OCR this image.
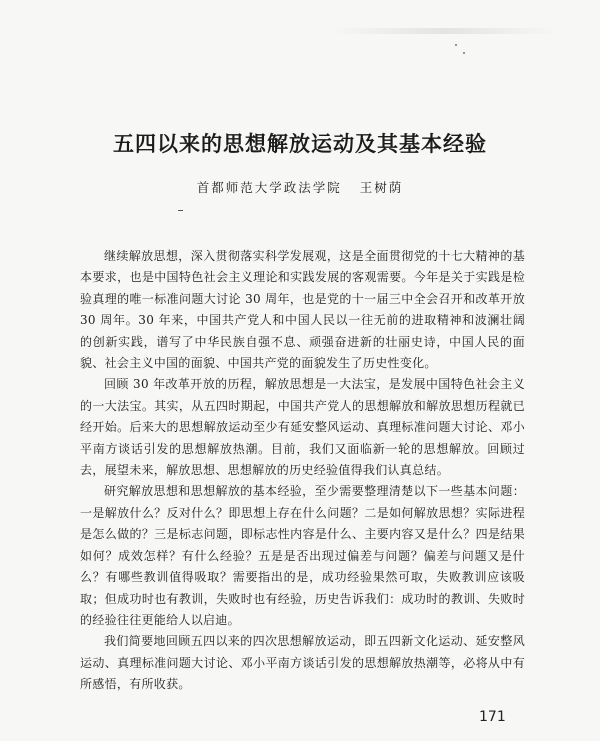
五四以来的思想解放运动及其基本经验
首都师范大学政法学院 王树荫

继续解放思想，深入贯彻落实科学发展观，这是全面贯彻党的十七大精神的基本要求，也是中国特色社会主义理论和实践发展的客观需要。今年是关于实践是检验真理的唯一标准问题大讨论 30 周年，也是党的十一届三中全会召开和改革开放 30 周年。30 年来，中国共产党人和中国人民以一往无前的进取精神和波澜壮阔的创新实践，谱写了中华民族自强不息、顽强奋进新的壮丽史诗，中国人民的面貌、社会主义中国的面貌、中国共产党的面貌发生了历史性变化。

回顾 30 年改革开放的历程，解放思想是一大法宝，是发展中国特色社会主义的一大法宝。其实，从五四时期起，中国共产党人的思想解放和解放思想历程就已经开始。后来大的思想解放运动至少有延安整风运动、真理标准问题大讨论、邓小平南方谈话引发的思想解放热潮。目前，我们又面临新一轮的思想解放。回顾过去，展望未来，解放思想、思想解放的历史经验值得我们认真总结。

研究解放思想和思想解放的基本经验，至少需要整理清楚以下一些基本问题：一是解放什么？反对什么？即思想上存在什么问题？二是如何解放思想？实际进程是怎么做的？三是标志问题，即标志性内容是什么、主要内容又是什么？四是结果如何？成效怎样？有什么经验？五是是否出现过偏差与问题？偏差与问题又是什么？有哪些教训值得吸取？需要指出的是，成功经验果然可取，失败教训应该吸取；但成功时也有教训，失败时也有经验，历史告诉我们：成功时的教训、失败时的经验往往更能给人以启迪。

我们简要地回顾五四以来的四次思想解放运动，即五四新文化运动、延安整风运动、真理标准问题大讨论、邓小平南方谈话引发的思想解放热潮等，必将从中有所感悟，有所收获。

171
